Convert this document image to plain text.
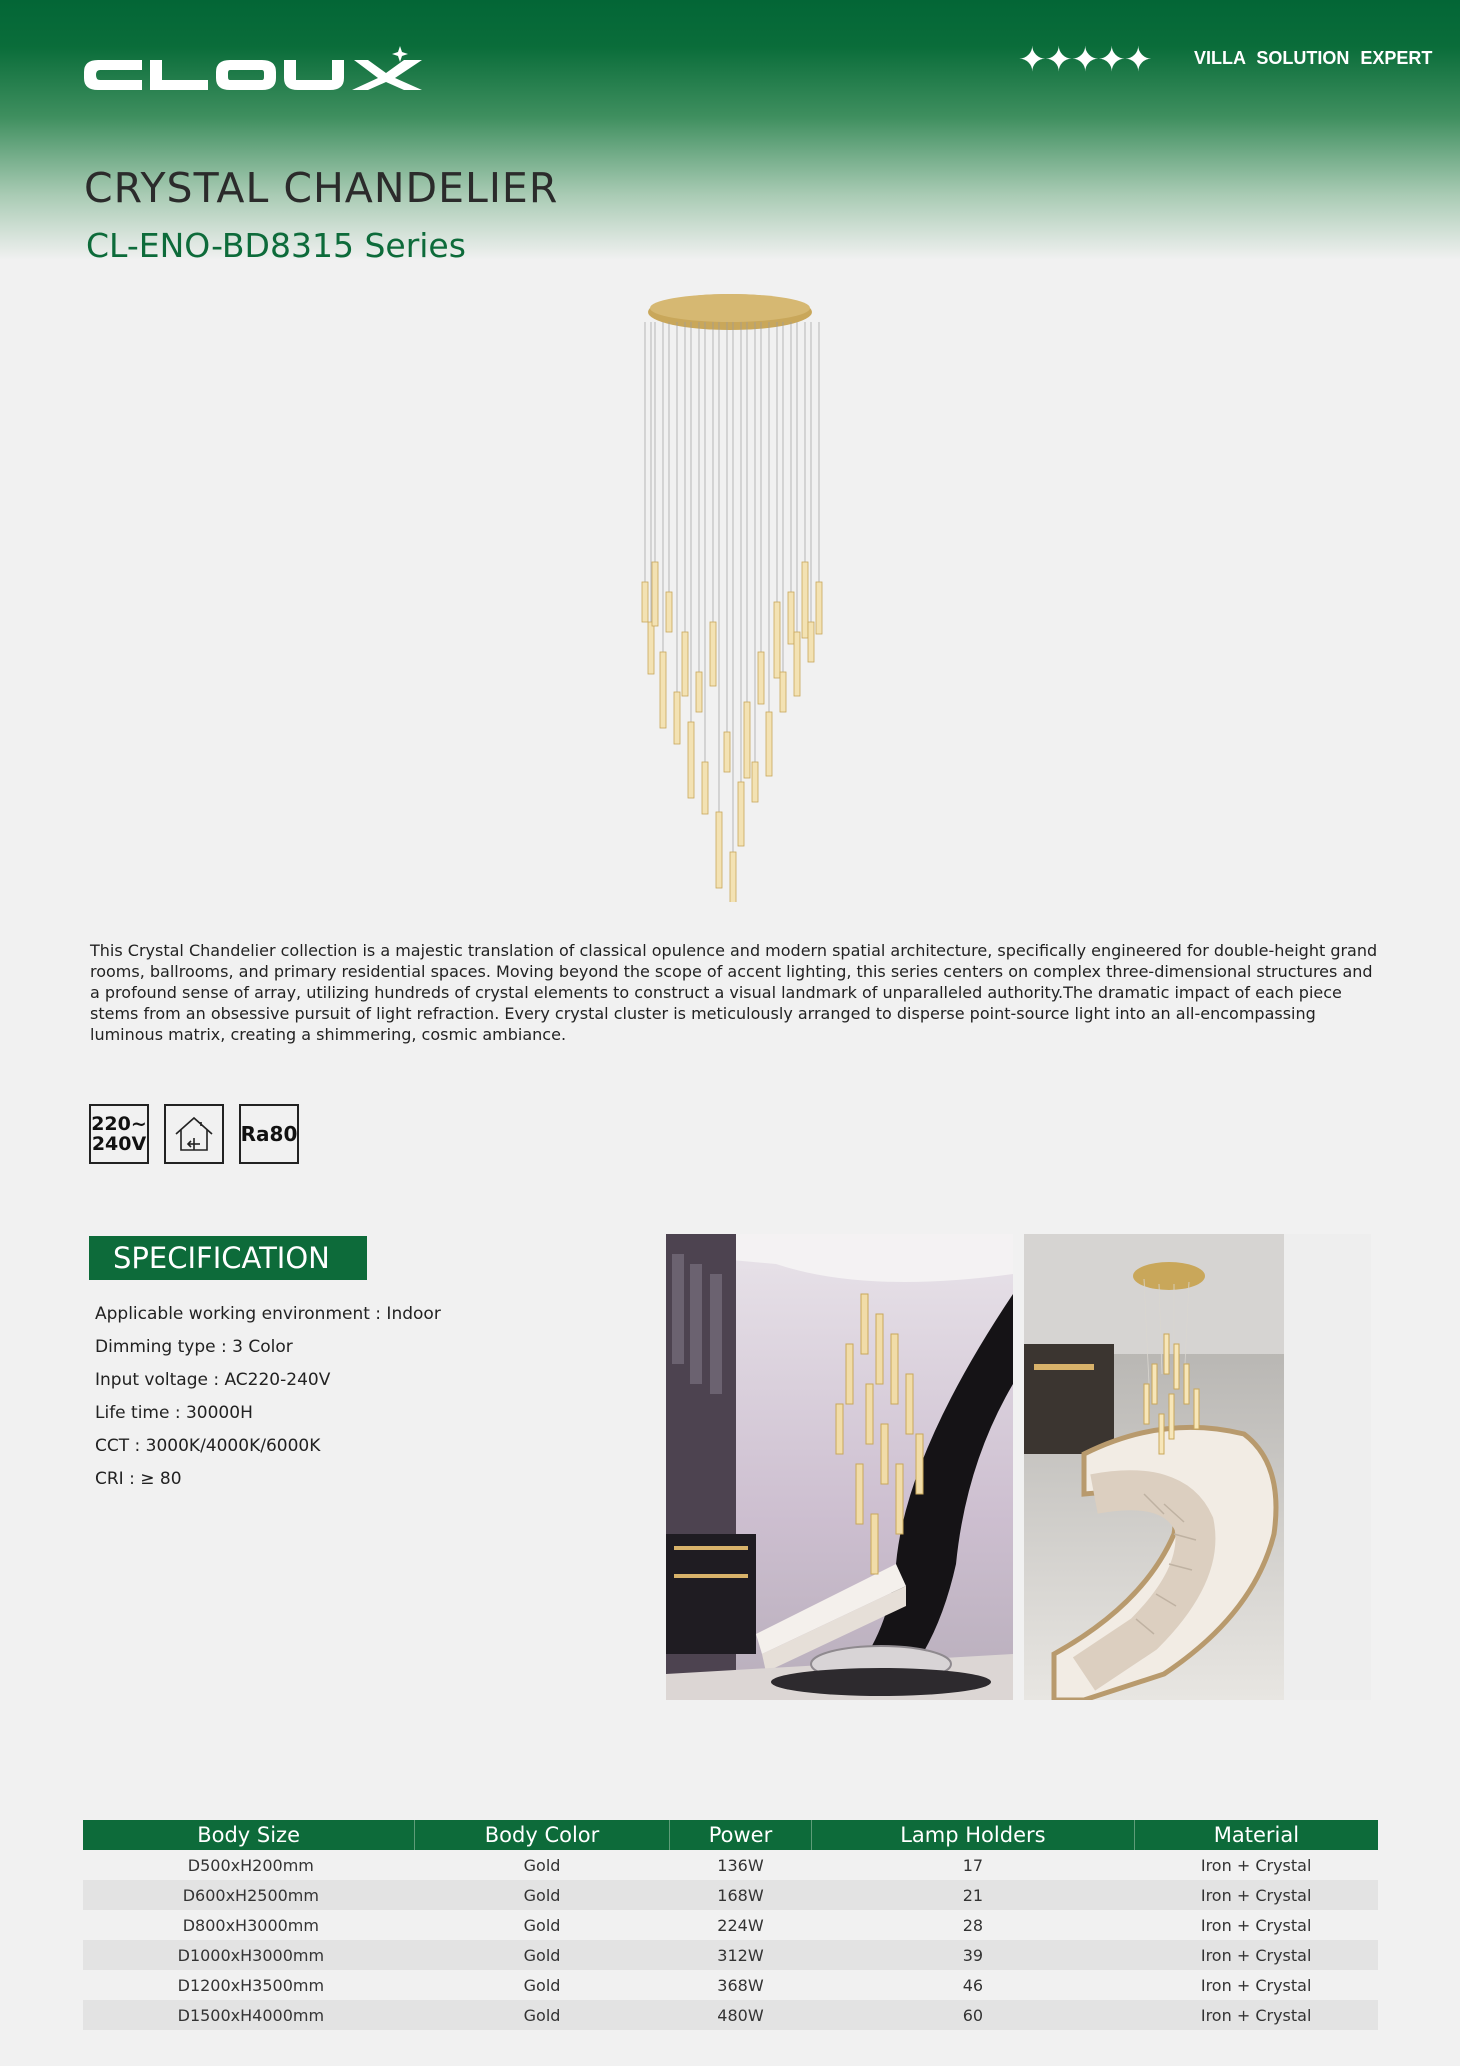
✦✦✦✦✦ VILLA SOLUTION EXPERT
CRYSTAL CHANDELIER
CL-ENO-BD8315 Series
This Crystal Chandelier collection is a majestic translation of classical opulence and modern spatial architecture, specifically engineered for double-height grand rooms, ballrooms, and primary residential spaces. Moving beyond the scope of accent lighting, this series centers on complex three-dimensional structures and a profound sense of array, utilizing hundreds of crystal elements to construct a visual landmark of unparalleled authority.The dramatic impact of each piece stems from an obsessive pursuit of light refraction. Every crystal cluster is meticulously arranged to disperse point-source light into an all-encompassing luminous matrix, creating a shimmering, cosmic ambiance.
220~
240V	Ra80
SPECIFICATION
Applicable working environment : Indoor
Dimming type : 3 Color
Input voltage : AC220-240V
Life time : 30000H
CCT : 3000K/4000K/6000K
CRI : ≥ 80
Body Size	Body Color	Power	Lamp Holders	Material
D500xH200mm	Gold	136W	17	Iron + Crystal
D600xH2500mm	Gold	168W	21	Iron + Crystal
D800xH3000mm	Gold	224W	28	Iron + Crystal
D1000xH3000mm	Gold	312W	39	Iron + Crystal
D1200xH3500mm	Gold	368W	46	Iron + Crystal
D1500xH4000mm	Gold	480W	60	Iron + Crystal
